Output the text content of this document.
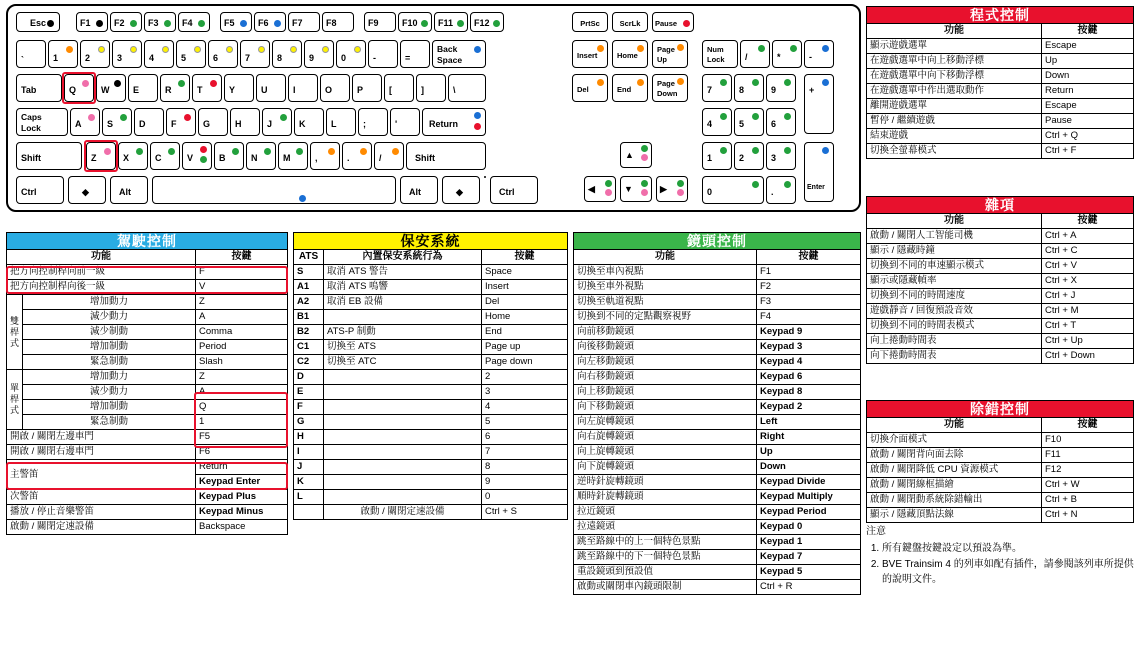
Esc	F1	F2	F3	F4	F5	F6	F7	F8	F9	F10	F11	F12	PrtSc	ScrLk	Pause
`	1	2	3	4	5	6	7	8	9	0	-	=
Back
Space	Insert	Home
Page
Up
Num
Lock /	*	-
Tab	Q	W	E	R	T	Y	U	I	O	P	[	]	\	Del	End
Page
Down	7	8	9	+
Caps
Lock	A	S	D	F	G	H	J	K	L	;	'	Return	4	5	6
Shift	Z	X	C	V	B	N	M	,	.	/	Shift	▲	1	2	3
Enter
Ctrl	◆	Alt	Alt	◆	Ctrl	◀	▼	▶	0	.
駕駛控制		
功能		按鍵
把方向控制桿向前一級		F
把方向控制桿向後一級		V
雙桿式	增加動力	Z
	減少動力	A
	減少制動	Comma
	增加制動	Period
	緊急制動	Slash
單桿式	增加動力	Z
	減少動力	A
	增加制動	Q
	緊急制動	1
開啟 / 關閉左邊車門		F5
開啟 / 關閉右邊車門		F6
主警笛		Return
		Keypad Enter
次警笛		Keypad Plus
播放 / 停止音樂警笛		Keypad Minus
啟動 / 關閉定速設備		Backspace
保安系統		
ATS	內置保安系統行為	按鍵
S	取消 ATS 警告	Space
A1	取消 ATS 嗚響	Insert
A2	取消 EB 設備	Del
B1		Home
B2	ATS-P 制動	End
C1	切換至 ATS	Page up
C2	切換至 ATC	Page down
D		2
E		3
F		4
G		5
H		6
I		7
J		8
K		9
L		0
	啟動 / 關閉定速設備	Ctrl + S
鏡頭控制	
功能	按鍵
切換至車內視點	F1
切換至車外視點	F2
切換至軌道視點	F3
切換到不同的定點觀察視野	F4
向前移動鏡頭	Keypad 9
向後移動鏡頭	Keypad 3
向左移動鏡頭	Keypad 4
向右移動鏡頭	Keypad 6
向上移動鏡頭	Keypad 8
向下移動鏡頭	Keypad 2
向左旋轉鏡頭	Left
向右旋轉鏡頭	Right
向上旋轉鏡頭	Up
向下旋轉鏡頭	Down
逆時針旋轉鏡頭	Keypad Divide
順時針旋轉鏡頭	Keypad Multiply
拉近鏡頭	Keypad Period
拉遠鏡頭	Keypad 0
跳至路線中的上一個特色景點	Keypad 1
跳至路線中的下一個特色景點	Keypad 7
重設鏡頭到預設值	Keypad 5
啟動或關閉車內鏡頭限制	Ctrl + R
程式控制	
功能	按鍵
顯示遊戲選單	Escape
在遊戲選單中向上移動浮標	Up
在遊戲選單中向下移動浮標	Down
在遊戲選單中作出選取動作	Return
離開遊戲選單	Escape
暫停 / 繼續遊戲	Pause
結束遊戲	Ctrl + Q
切換全螢幕模式	Ctrl + F
雜項	
功能	按鍵
啟動 / 關閉人工智能司機	Ctrl + A
顯示 / 隱藏時鐘	Ctrl + C
切換到不同的車速顯示模式	Ctrl + V
顯示或隱藏幀率	Ctrl + X
切換到不同的時間速度	Ctrl + J
遊戲靜音 / 回復預設音效	Ctrl + M
切換到不同的時間表模式	Ctrl + T
向上捲動時間表	Ctrl + Up
向下捲動時間表	Ctrl + Down
除錯控制	
功能	按鍵
切換介面模式	F10
啟動 / 關閉背向面去除	F11
啟動 / 關閉降低 CPU 資源模式	F12
啟動 / 關閉線框描繪	Ctrl + W
啟動 / 關閉動系統除錯輸出	Ctrl + B
顯示 / 隱藏頂點法線	Ctrl + N
注意
1. 所有鍵盤按鍵設定以預設為準。
2. BVE Trainsim 4 的列車如配有插件，請參閱該列車所提供的說明文件。
